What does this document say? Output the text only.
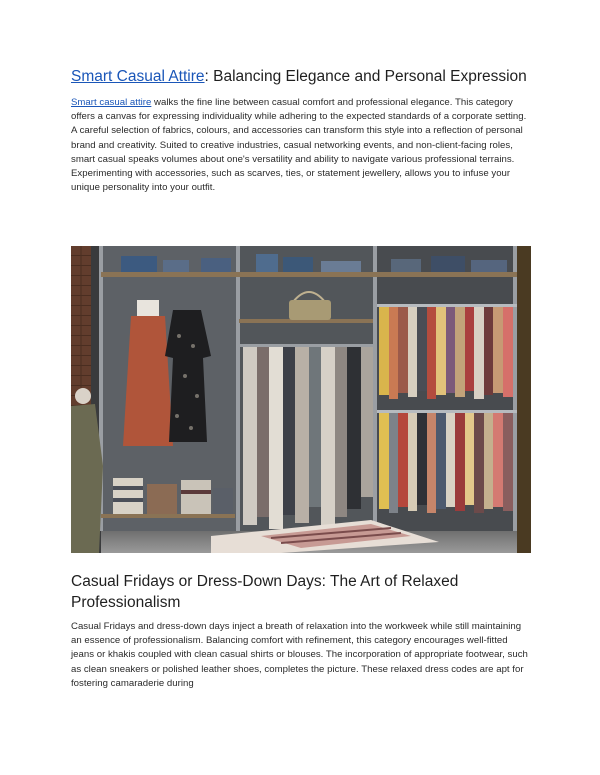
Smart Casual Attire: Balancing Elegance and Personal Expression

Smart casual attire walks the fine line between casual comfort and professional elegance. This category offers a canvas for expressing individuality while adhering to the expected standards of a corporate setting. A careful selection of fabrics, colours, and accessories can transform this style into a reflection of personal brand and creativity. Suited to creative industries, casual networking events, and non-client-facing roles, smart casual speaks volumes about one's versatility and ability to navigate various professional terrains. Experimenting with accessories, such as scarves, ties, or statement jewellery, allows you to infuse your unique personality into your outfit.

Casual Fridays or Dress-Down Days: The Art of Relaxed Professionalism

Casual Fridays and dress-down days inject a breath of relaxation into the workweek while still maintaining an essence of professionalism. Balancing comfort with refinement, this category encourages well-fitted jeans or khakis coupled with clean casual shirts or blouses. The incorporation of appropriate footwear, such as clean sneakers or polished leather shoes, completes the picture. These relaxed dress codes are apt for fostering camaraderie during
